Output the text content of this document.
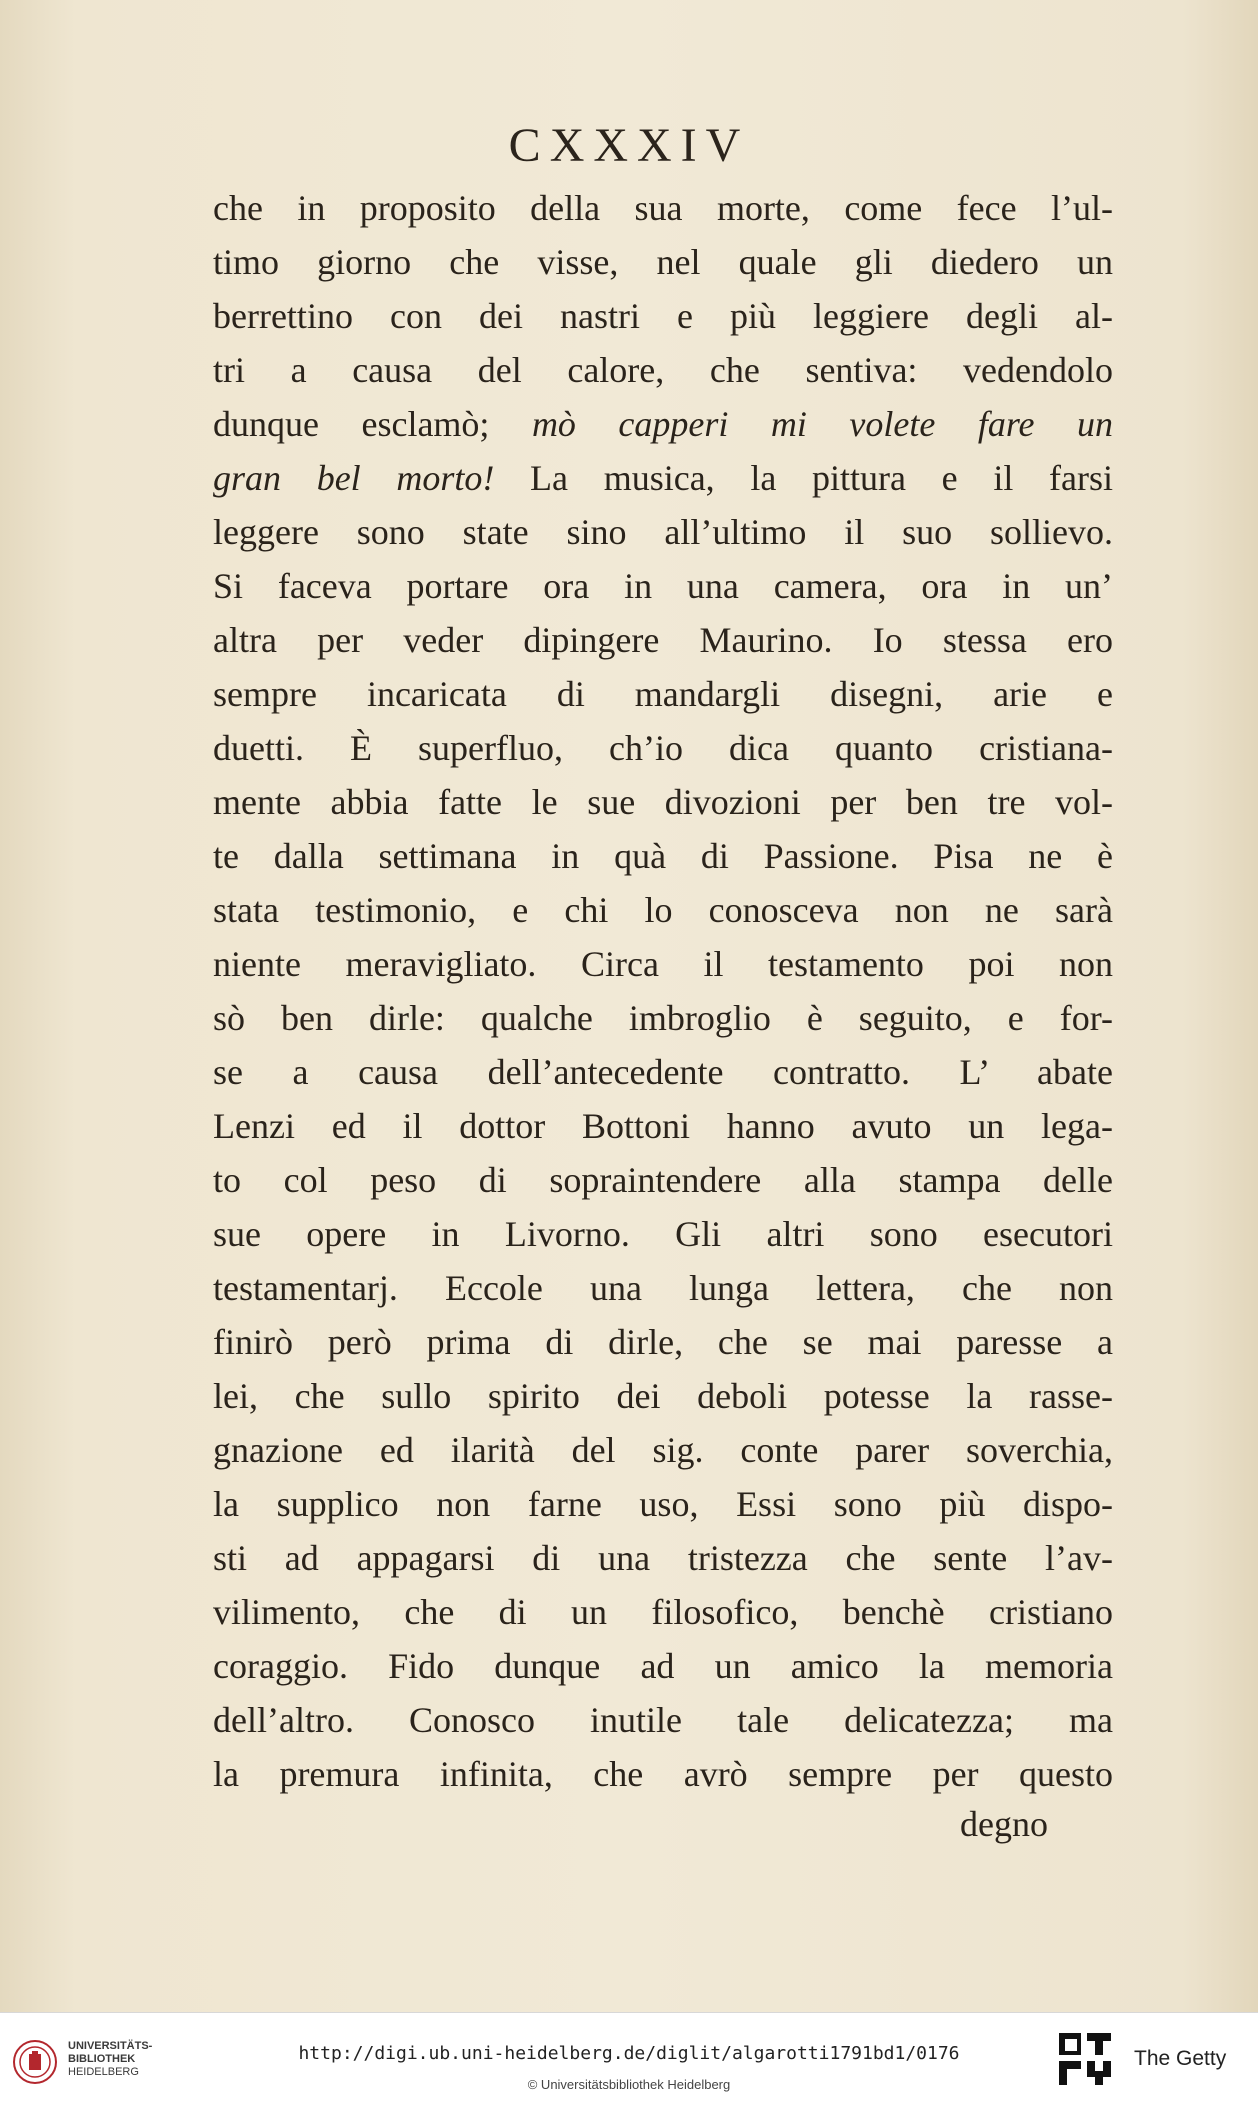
CXXXIV
che in proposito della sua morte, come fece l’ul-
timo giorno che visse, nel quale gli diedero un
berrettino con dei nastri e più leggiere degli al-
tri a causa del calore, che sentiva: vedendolo
dunque esclamò; mò capperi mi volete fare un
gran bel morto! La musica, la pittura e il farsi
leggere sono state sino all’ultimo il suo sollievo.
Si faceva portare ora in una camera, ora in un’
altra per veder dipingere Maurino. Io stessa ero
sempre incaricata di mandargli disegni, arie e
duetti. È superfluo, ch’io dica quanto cristiana-
mente abbia fatte le sue divozioni per ben tre vol-
te dalla settimana in quà di Passione. Pisa ne è
stata testimonio, e chi lo conosceva non ne sarà
niente meravigliato. Circa il testamento poi non
sò ben dirle: qualche imbroglio è seguito, e for-
se a causa dell’antecedente contratto. L’ abate
Lenzi ed il dottor Bottoni hanno avuto un lega-
to col peso di sopraintendere alla stampa delle
sue opere in Livorno. Gli altri sono esecutori
testamentarj. Eccole una lunga lettera, che non
finirò però prima di dirle, che se mai paresse a
lei, che sullo spirito dei deboli potesse la rasse-
gnazione ed ilarità del sig. conte parer soverchia,
la supplico non farne uso, Essi sono più dispo-
sti ad appagarsi di una tristezza che sente l’av-
vilimento, che di un filosofico, benchè cristiano
coraggio. Fido dunque ad un amico la memoria
dell’altro. Conosco inutile tale delicatezza; ma
la premura infinita, che avrò sempre per questo
degno
UNIVERSITÄTS-
BIBLIOTHEK
HEIDELBERG
http://digi.ub.uni-heidelberg.de/diglit/algarotti1791bd1/0176
© Universitätsbibliothek Heidelberg
The Getty
